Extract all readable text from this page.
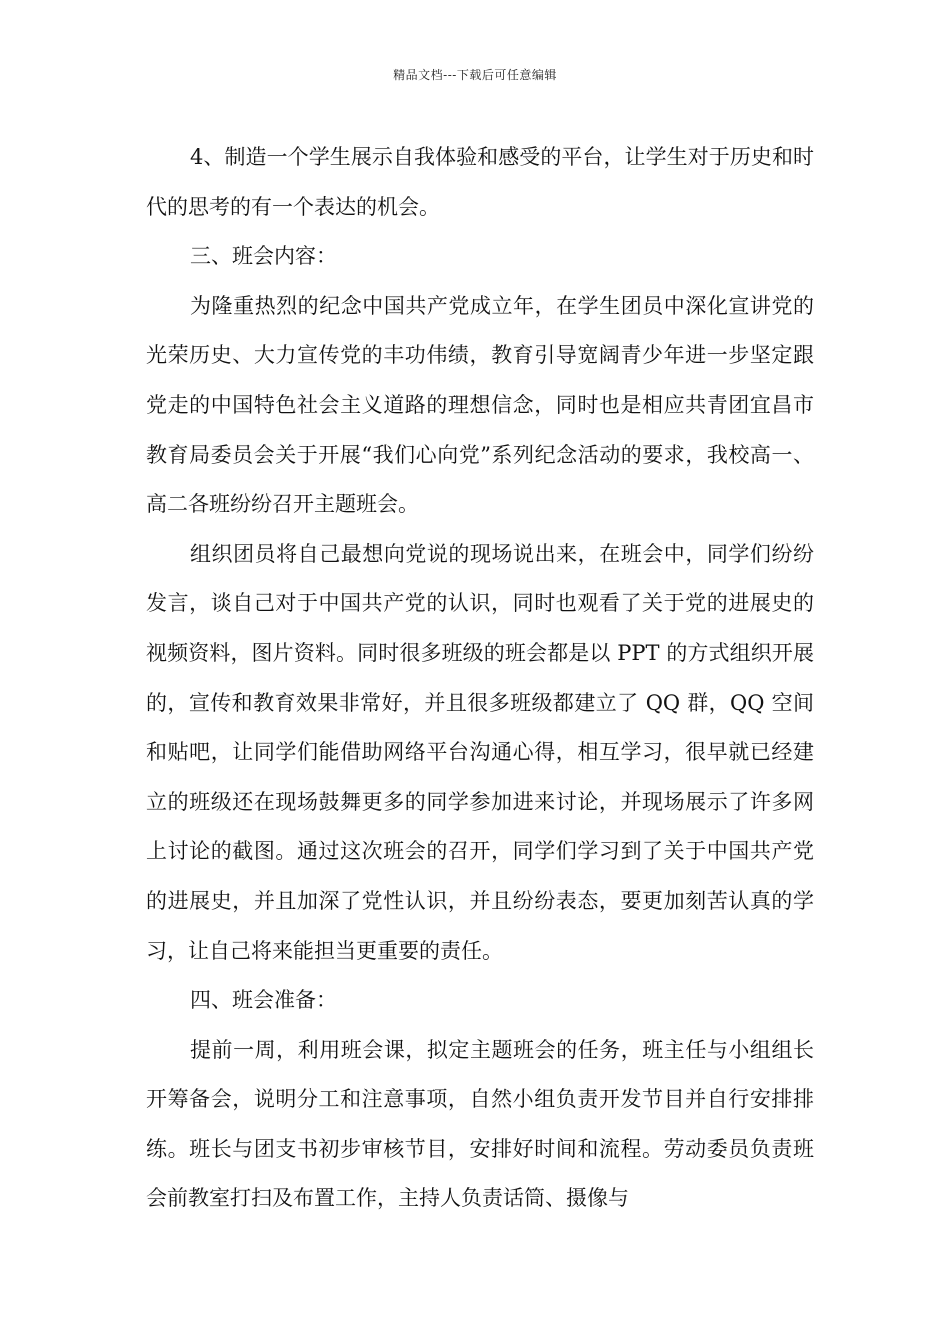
精品文档---下载后可任意编辑

4、制造一个学生展示自我体验和感受的平台，让学生对于历史和时代的思考的有一个表达的机会。

三、班会内容：

为隆重热烈的纪念中国共产党成立年，在学生团员中深化宣讲党的光荣历史、大力宣传党的丰功伟绩，教育引导宽阔青少年进一步坚定跟党走的中国特色社会主义道路的理想信念，同时也是相应共青团宜昌市教育局委员会关于开展“我们心向党”系列纪念活动的要求，我校高一、高二各班纷纷召开主题班会。

组织团员将自己最想向党说的现场说出来，在班会中，同学们纷纷发言，谈自己对于中国共产党的认识，同时也观看了关于党的进展史的视频资料，图片资料。同时很多班级的班会都是以 PPT 的方式组织开展的，宣传和教育效果非常好，并且很多班级都建立了 QQ 群，QQ 空间和贴吧，让同学们能借助网络平台沟通心得，相互学习，很早就已经建立的班级还在现场鼓舞更多的同学参加进来讨论，并现场展示了许多网上讨论的截图。通过这次班会的召开，同学们学习到了关于中国共产党的进展史，并且加深了党性认识，并且纷纷表态，要更加刻苦认真的学习，让自己将来能担当更重要的责任。

四、班会准备：

提前一周，利用班会课，拟定主题班会的任务，班主任与小组组长开筹备会，说明分工和注意事项，自然小组负责开发节目并自行安排排练。班长与团支书初步审核节目，安排好时间和流程。劳动委员负责班会前教室打扫及布置工作，主持人负责话筒、摄像与
